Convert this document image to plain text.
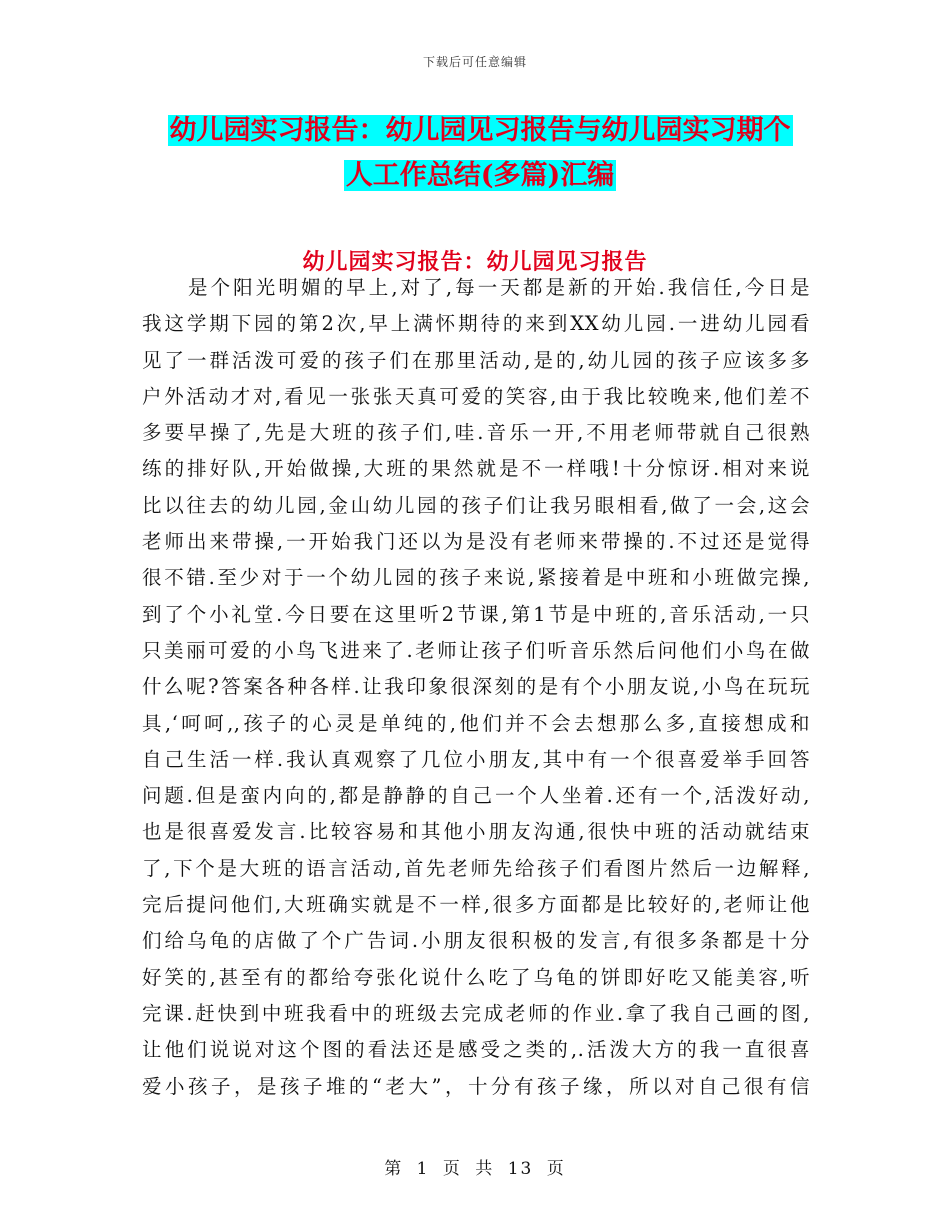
下载后可任意编辑
幼儿园实习报告：幼儿园见习报告与幼儿园实习期个
人工作总结(多篇)汇编
幼儿园实习报告：幼儿园见习报告
是个阳光明媚的早上,对了,每一天都是新的开始.我信任,今日是
我这学期下园的第2次,早上满怀期待的来到XX幼儿园.一进幼儿园看
见了一群活泼可爱的孩子们在那里活动,是的,幼儿园的孩子应该多多
户外活动才对,看见一张张天真可爱的笑容,由于我比较晚来,他们差不
多要早操了,先是大班的孩子们,哇.音乐一开,不用老师带就自己很熟
练的排好队,开始做操,大班的果然就是不一样哦!十分惊讶.相对来说
比以往去的幼儿园,金山幼儿园的孩子们让我另眼相看,做了一会,这会
老师出来带操,一开始我门还以为是没有老师来带操的.不过还是觉得
很不错.至少对于一个幼儿园的孩子来说,紧接着是中班和小班做完操,
到了个小礼堂.今日要在这里听2节课,第1节是中班的,音乐活动,一只
只美丽可爱的小鸟飞进来了.老师让孩子们听音乐然后问他们小鸟在做
什么呢?答案各种各样.让我印象很深刻的是有个小朋友说,小鸟在玩玩
具,‘呵呵,,孩子的心灵是单纯的,他们并不会去想那么多,直接想成和
自己生活一样.我认真观察了几位小朋友,其中有一个很喜爱举手回答
问题.但是蛮内向的,都是静静的自己一个人坐着.还有一个,活泼好动,
也是很喜爱发言.比较容易和其他小朋友沟通,很快中班的活动就结束
了,下个是大班的语言活动,首先老师先给孩子们看图片然后一边解释,
完后提问他们,大班确实就是不一样,很多方面都是比较好的,老师让他
们给乌龟的店做了个广告词.小朋友很积极的发言,有很多条都是十分
好笑的,甚至有的都给夸张化说什么吃了乌龟的饼即好吃又能美容,听
完课.赶快到中班我看中的班级去完成老师的作业.拿了我自己画的图,
让他们说说对这个图的看法还是感受之类的,.活泼大方的我一直很喜
爱小孩子，是孩子堆的“老大”，十分有孩子缘，所以对自己很有信
第 1 页 共 13 页
